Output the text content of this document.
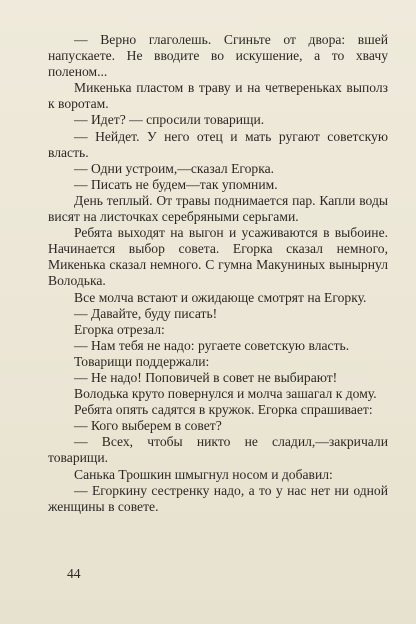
— Верно глаголешь. Сгиньте от двора: вшей напускаете. Не вводите во искушение, а то хвачу поленом...

Микенька пластом в траву и на четвереньках выполз к воротам.

— Идет? — спросили товарищи.

— Нейдет. У него отец и мать ругают советскую власть.

— Одни устроим,—сказал Егорка.

— Писать не будем—так упомним.

День теплый. От травы поднимается пар. Капли воды висят на листочках серебряными серьгами.

Ребята выходят на выгон и усаживаются в выбоине. Начинается выбор совета. Егорка сказал немного, Микенька сказал немного. С гумна Макуниных вынырнул Володька.

Все молча встают и ожидающе смотрят на Егорку.

— Давайте, буду писать!

Егорка отрезал:

— Нам тебя не надо: ругаете советскую власть.

Товарищи поддержали:

— Не надо! Поповичей в совет не выбирают!

Володька круто повернулся и молча зашагал к дому.

Ребята опять садятся в кружок. Егорка спрашивает:

— Кого выберем в совет?

— Всех, чтобы никто не сладил,—закричали товарищи.

Санька Трошкин шмыгнул носом и добавил:

— Егоркину сестренку надо, а то у нас нет ни одной женщины в совете.

44
